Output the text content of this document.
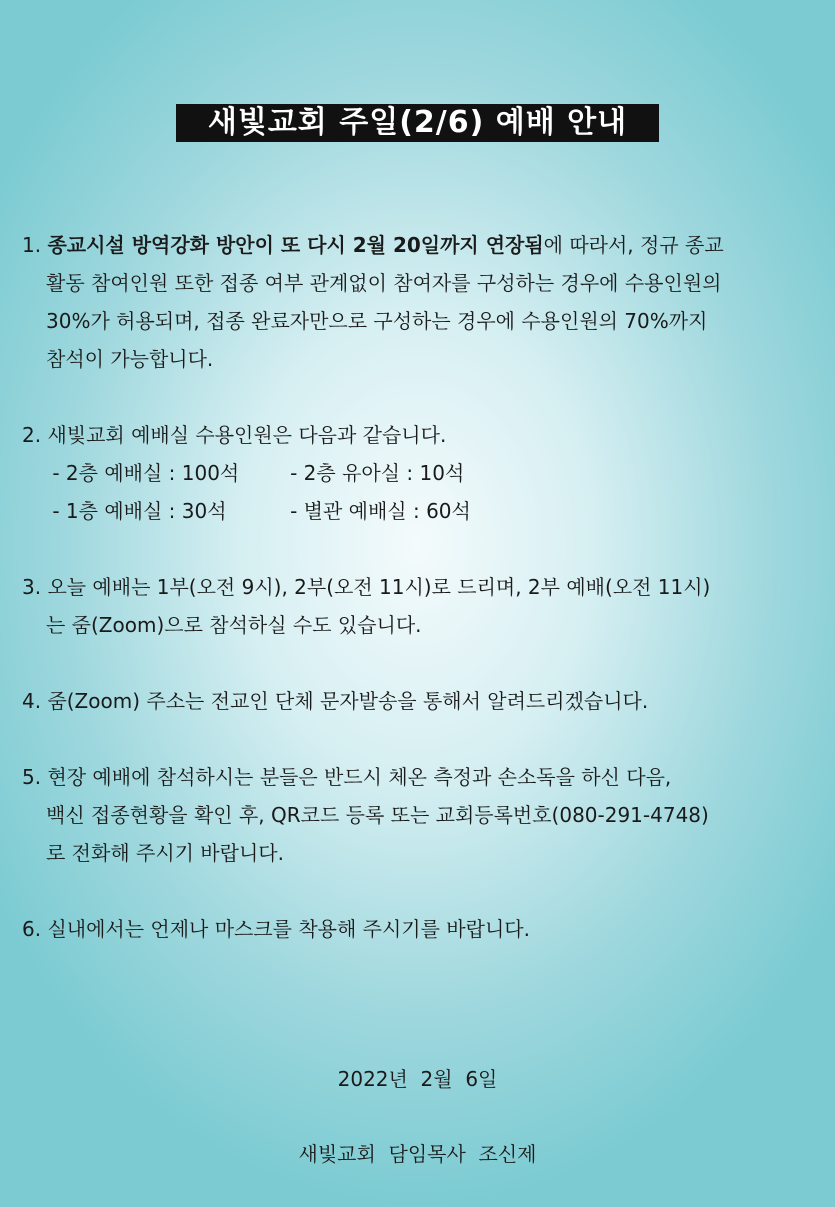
새빛교회 주일(2/6) 예배 안내
1. 종교시설 방역강화 방안이 또 다시 2월 20일까지 연장됨에 따라서, 정규 종교
활동 참여인원 또한 접종 여부 관계없이 참여자를 구성하는 경우에 수용인원의
30%가 허용되며, 접종 완료자만으로 구성하는 경우에 수용인원의 70%까지
참석이 가능합니다.
2. 새빛교회 예배실 수용인원은 다음과 같습니다.
- 2층 예배실 : 100석        - 2층 유아실 : 10석
- 1층 예배실 : 30석          - 별관 예배실 : 60석
3. 오늘 예배는 1부(오전 9시), 2부(오전 11시)로 드리며, 2부 예배(오전 11시)
는 줌(Zoom)으로 참석하실 수도 있습니다.
4. 줌(Zoom) 주소는 전교인 단체 문자발송을 통해서 알려드리겠습니다.
5. 현장 예배에 참석하시는 분들은 반드시 체온 측정과 손소독을 하신 다음,
백신 접종현황을 확인 후, QR코드 등록 또는 교회등록번호(080-291-4748)
로 전화해 주시기 바랍니다.
6. 실내에서는 언제나 마스크를 착용해 주시기를 바랍니다.
2022년  2월  6일
새빛교회  담임목사  조신제
